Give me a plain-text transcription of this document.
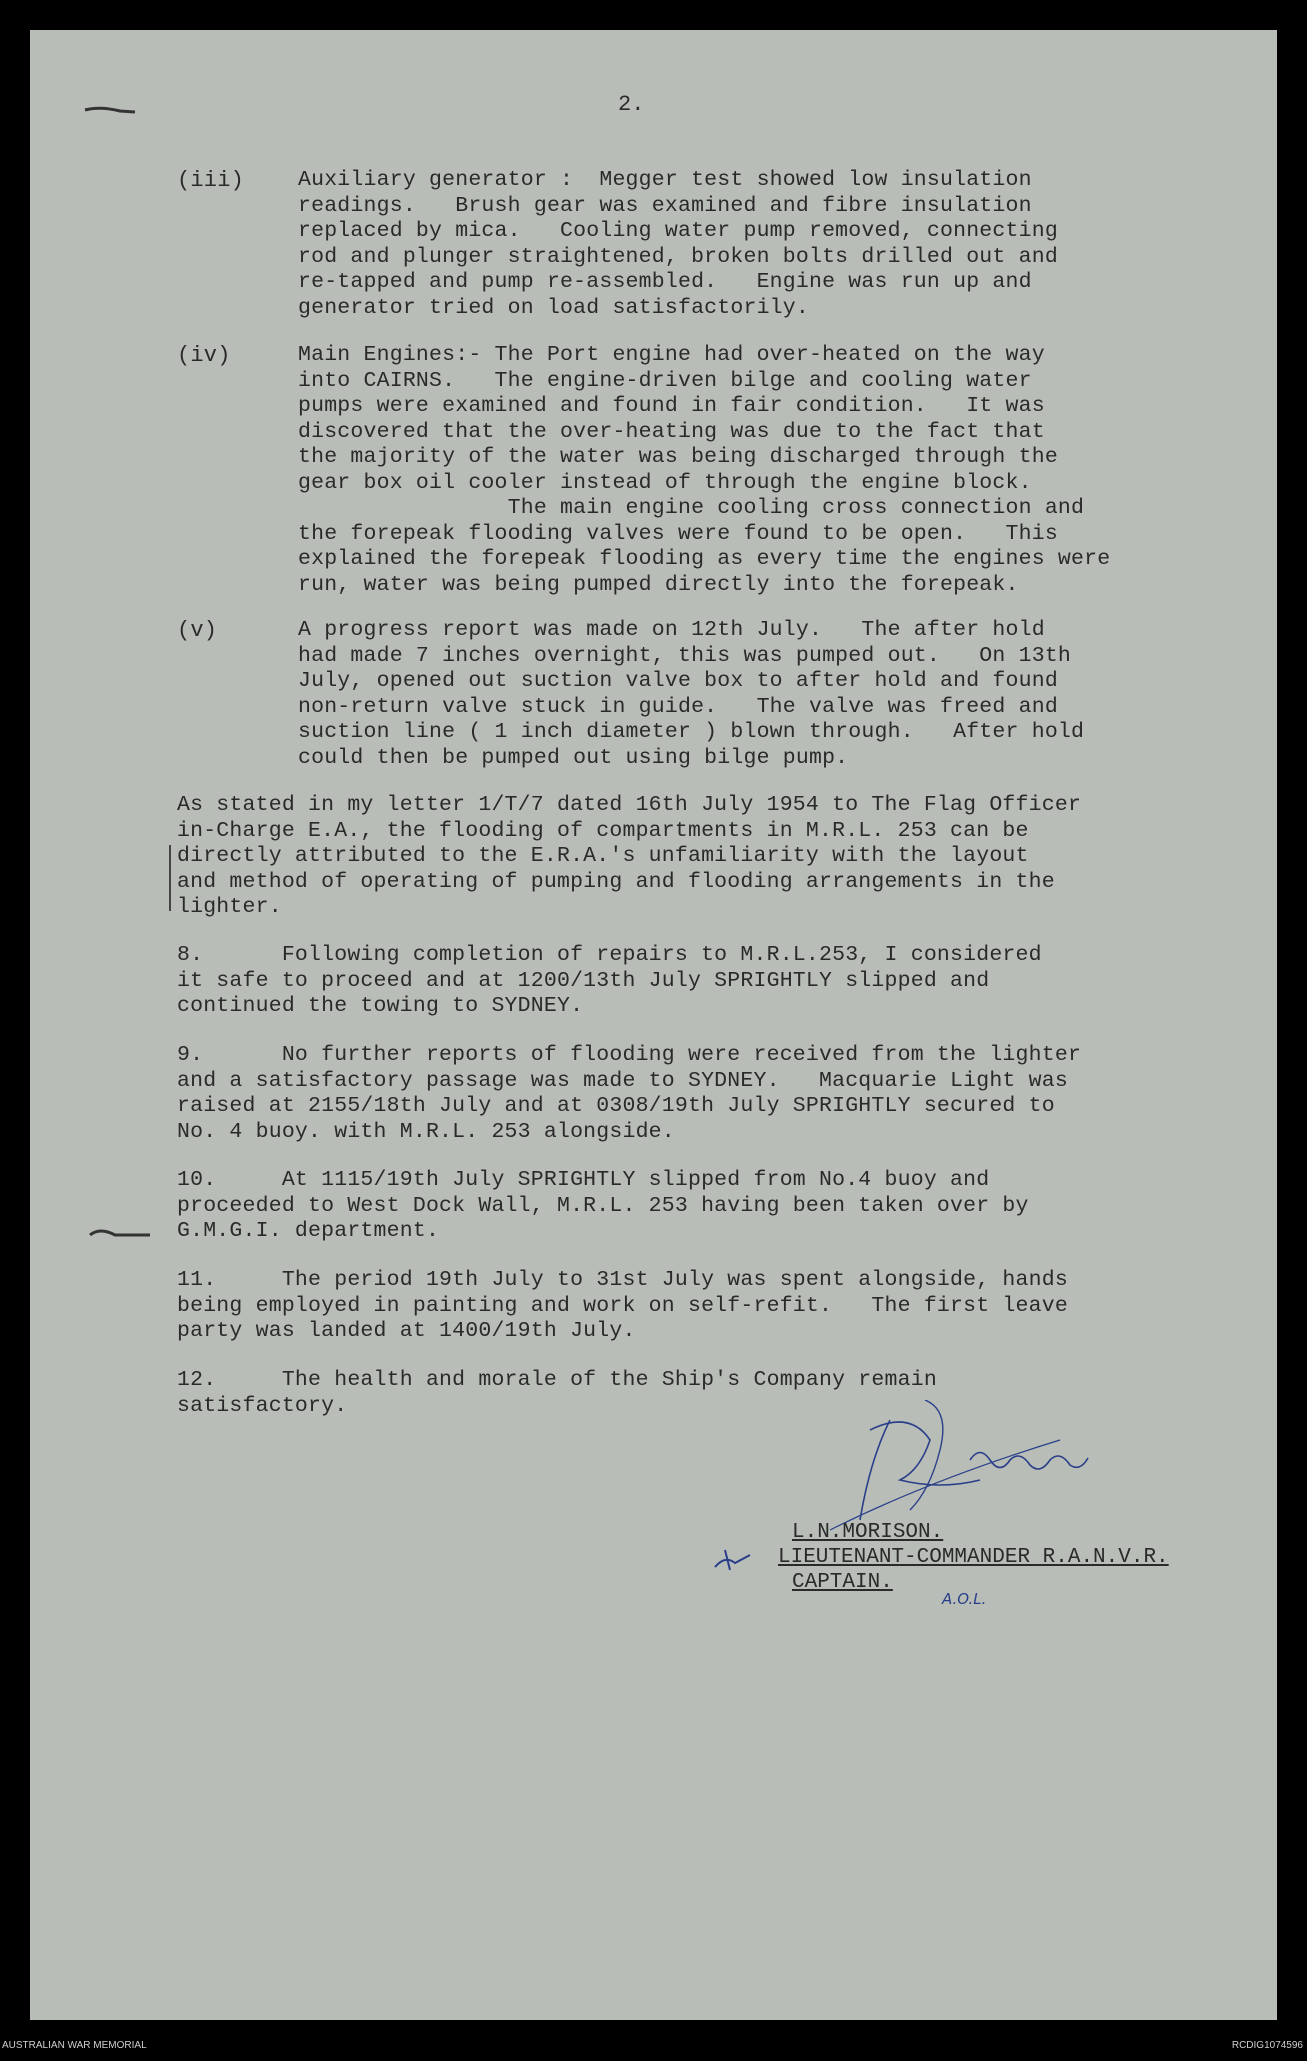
2.
(iii)	Auxiliary generator :  Megger test showed low insulation
readings.   Brush gear was examined and fibre insulation
replaced by mica.   Cooling water pump removed, connecting
rod and plunger straightened, broken bolts drilled out and
re-tapped and pump re-assembled.   Engine was run up and
generator tried on load satisfactorily.
(iv)	Main Engines:- The Port engine had over-heated on the way
into CAIRNS.   The engine-driven bilge and cooling water
pumps were examined and found in fair condition.   It was
discovered that the over-heating was due to the fact that
the majority of the water was being discharged through the
gear box oil cooler instead of through the engine block.
The main engine cooling cross connection and
the forepeak flooding valves were found to be open.   This
explained the forepeak flooding as every time the engines were
run, water was being pumped directly into the forepeak.
(v)	A progress report was made on 12th July.   The after hold
had made 7 inches overnight, this was pumped out.   On 13th
July, opened out suction valve box to after hold and found
non-return valve stuck in guide.   The valve was freed and
suction line ( 1 inch diameter ) blown through.   After hold
could then be pumped out using bilge pump.
As stated in my letter 1/T/7 dated 16th July 1954 to The Flag Officer
in-Charge E.A., the flooding of compartments in M.R.L. 253 can be
directly attributed to the E.R.A.'s unfamiliarity with the layout
and method of operating of pumping and flooding arrangements in the
lighter.
8.      Following completion of repairs to M.R.L.253, I considered
it safe to proceed and at 1200/13th July SPRIGHTLY slipped and
continued the towing to SYDNEY.
9.      No further reports of flooding were received from the lighter
and a satisfactory passage was made to SYDNEY.   Macquarie Light was
raised at 2155/18th July and at 0308/19th July SPRIGHTLY secured to
No. 4 buoy. with M.R.L. 253 alongside.
10.     At 1115/19th July SPRIGHTLY slipped from No.4 buoy and
proceeded to West Dock Wall, M.R.L. 253 having been taken over by
G.M.G.I. department.
11.     The period 19th July to 31st July was spent alongside, hands
being employed in painting and work on self-refit.   The first leave
party was landed at 1400/19th July.
12.     The health and morale of the Ship's Company remain
satisfactory.
L.N.MORISON.
LIEUTENANT-COMMANDER R.A.N.V.R.
CAPTAIN.
A.O.L.
AUSTRALIAN WAR MEMORIAL	RCDIG1074596
